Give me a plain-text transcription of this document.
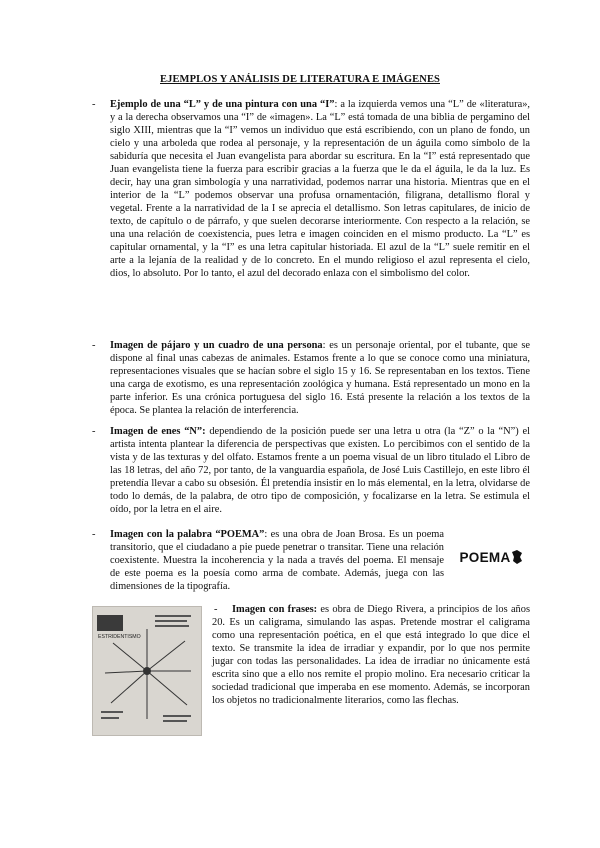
EJEMPLOS Y ANÁLISIS DE LITERATURA E IMÁGENES
- Ejemplo de una “L” y de una pintura con una “I”: a la izquierda vemos una “L” de «literatura», y a la derecha observamos una “I” de «imagen». La “L” está tomada de una biblia de pergamino del siglo XIII, mientras que la “I” vemos un individuo que está escribiendo, con un plano de fondo, un cielo y una arboleda que rodea al personaje, y la representación de un águila como símbolo de la sabiduría que necesita el Juan evangelista para abordar su escritura. En la “I” está representado que Juan evangelista tiene la fuerza para escribir gracias a la fuerza que le da el águila, le da la luz. Es decir, hay una gran simbología y una narratividad, podemos narrar una historia. Mientras que en el interior de la “L” podemos observar una profusa ornamentación, filigrana, detallismo floral y vegetal. Frente a la narratividad de la I se aprecia el detallismo. Son letras capitulares, de inicio de texto, de capítulo o de párrafo, y que suelen decorarse interiormente. Con respecto a la relación, se una una relación de coexistencia, pues letra e imagen coinciden en el mismo producto. La “L” es capitular ornamental, y la “I” es una letra capitular historiada. El azul de la “L” suele remitir en el arte a la lejanía de la realidad y de lo concreto. En el mundo religioso el azul representa el cielo, dios, lo absoluto. Por lo tanto, el azul del decorado enlaza con el simbolismo del color.
- Imagen de pájaro y un cuadro de una persona: es un personaje oriental, por el tubante, que se dispone al final unas cabezas de animales. Estamos frente a lo que se conoce como una miniatura, representaciones visuales que se hacían sobre el siglo 15 y 16. Se representaban en los textos. Tiene una carga de exotismo, es una representación zoológica y humana. Está representado un mono en la parte inferior. Es una crónica portuguesa del siglo 16. Está presente la relación a los textos de la época. Se plantea la relación de interferencia.
- Imagen de enes “N”: dependiendo de la posición puede ser una letra u otra (la “Z” o la “N”) el artista intenta plantear la diferencia de perspectivas que existen. Lo percibimos con el sentido de la vista y de las texturas y del olfato. Estamos frente a un poema visual de un libro titulado el Libro de las 18 letras, del año 72, por tanto, de la vanguardia española, de José Luis Castillejo, en este libro él pretendía llevar a cabo su obsesión. Él pretendía insistir en lo más elemental, en la letra, olvidarse de todo lo demás, de la palabra, de otro tipo de composición, y focalizarse en la letra. Se estimula el oído, por la letra en el aire.
- Imagen con la palabra “POEMA”: es una obra de Joan Brosa. Es un poema transitorio, que el ciudadano a pie puede penetrar o transitar. Tiene una relación coexistente. Muestra la incoherencia y la nada a través del poema. El mensaje de este poema es la poesía como arma de combate. Además, juega con las dimensiones de la tipografía.
POEMA
ESTRIDENTISMO
-	Imagen con frases: es obra de Diego Rivera, a principios de los años 20. Es un caligrama, simulando las aspas. Pretende mostrar el caligrama como una representación poética, en el que está integrado lo que dice el texto. Se transmite la idea de irradiar y expandir, por lo que nos permite jugar con todas las personalidades. La idea de irradiar no únicamente está escrita sino que a ello nos remite el propio molino. Era necesario criticar la sociedad tradicional que imperaba en ese momento. Además, se incorporan los objetos no tradicionalmente literarios, como las flechas.
